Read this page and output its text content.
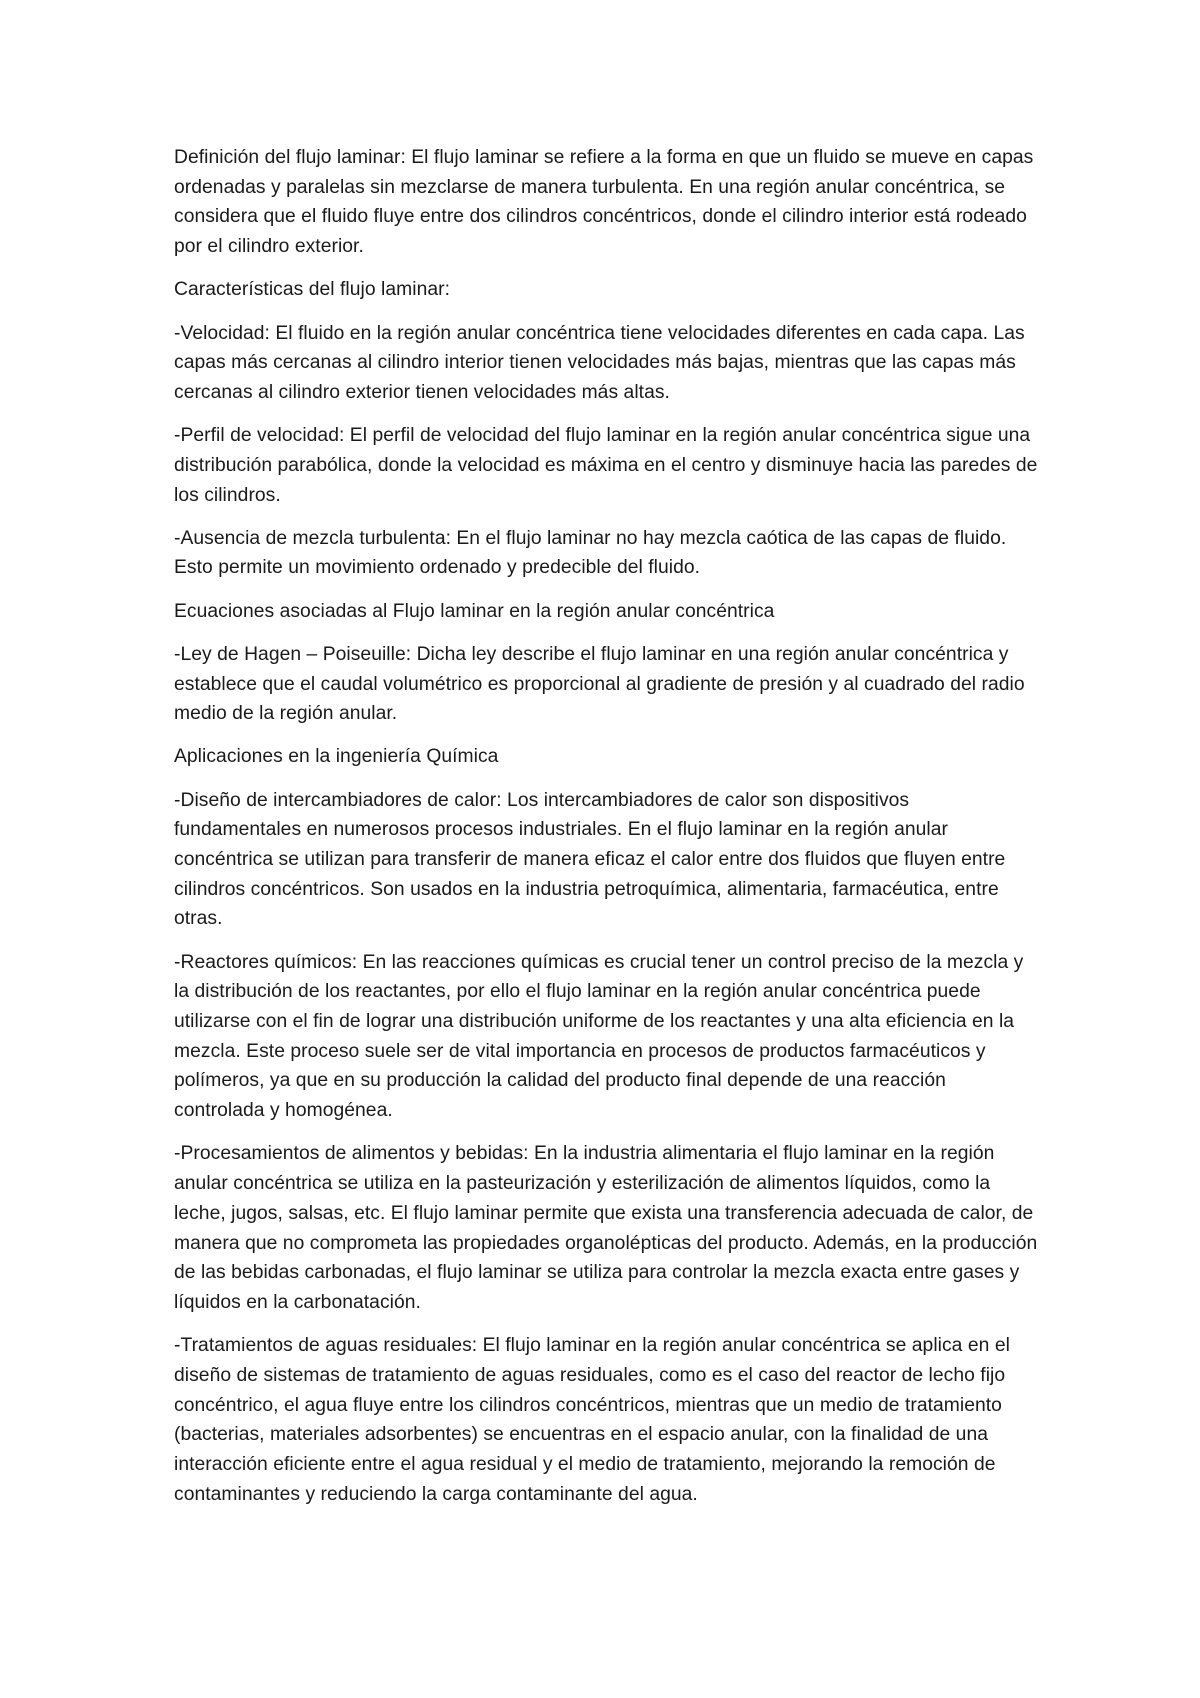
Definición del flujo laminar: El flujo laminar se refiere a la forma en que un fluido se mueve en capas ordenadas y paralelas sin mezclarse de manera turbulenta. En una región anular concéntrica, se considera que el fluido fluye entre dos cilindros concéntricos, donde el cilindro interior está rodeado por el cilindro exterior.

Características del flujo laminar:

-Velocidad: El fluido en la región anular concéntrica tiene velocidades diferentes en cada capa. Las capas más cercanas al cilindro interior tienen velocidades más bajas, mientras que las capas más cercanas al cilindro exterior tienen velocidades más altas.

-Perfil de velocidad: El perfil de velocidad del flujo laminar en la región anular concéntrica sigue una distribución parabólica, donde la velocidad es máxima en el centro y disminuye hacia las paredes de los cilindros.

-Ausencia de mezcla turbulenta: En el flujo laminar no hay mezcla caótica de las capas de fluido. Esto permite un movimiento ordenado y predecible del fluido.

Ecuaciones asociadas al Flujo laminar en la región anular concéntrica

-Ley de Hagen – Poiseuille: Dicha ley describe el flujo laminar en una región anular concéntrica y establece que el caudal volumétrico es proporcional al gradiente de presión y al cuadrado del radio medio de la región anular.

Aplicaciones en la ingeniería Química

-Diseño de intercambiadores de calor: Los intercambiadores de calor son dispositivos fundamentales en numerosos procesos industriales. En el flujo laminar en la región anular concéntrica se utilizan para transferir de manera eficaz el calor entre dos fluidos que fluyen entre cilindros concéntricos. Son usados en la industria petroquímica, alimentaria, farmacéutica, entre otras.

-Reactores químicos: En las reacciones químicas es crucial tener un control preciso de la mezcla y la distribución de los reactantes, por ello el flujo laminar en la región anular concéntrica puede utilizarse con el fin de lograr una distribución uniforme de los reactantes y una alta eficiencia en la mezcla. Este proceso suele ser de vital importancia en procesos de productos farmacéuticos y polímeros, ya que en su producción la calidad del producto final depende de una reacción controlada y homogénea.

-Procesamientos de alimentos y bebidas: En la industria alimentaria el flujo laminar en la región anular concéntrica se utiliza en la pasteurización y esterilización de alimentos líquidos, como la leche, jugos, salsas, etc. El flujo laminar permite que exista una transferencia adecuada de calor, de manera que no comprometa las propiedades organolépticas del producto. Además, en la producción de las bebidas carbonadas, el flujo laminar se utiliza para controlar la mezcla exacta entre gases y líquidos en la carbonatación.

-Tratamientos de aguas residuales: El flujo laminar en la región anular concéntrica se aplica en el diseño de sistemas de tratamiento de aguas residuales, como es el caso del reactor de lecho fijo concéntrico, el agua fluye entre los cilindros concéntricos, mientras que un medio de tratamiento (bacterias, materiales adsorbentes) se encuentras en el espacio anular, con la finalidad de una interacción eficiente entre el agua residual y el medio de tratamiento, mejorando la remoción de contaminantes y reduciendo la carga contaminante del agua.
